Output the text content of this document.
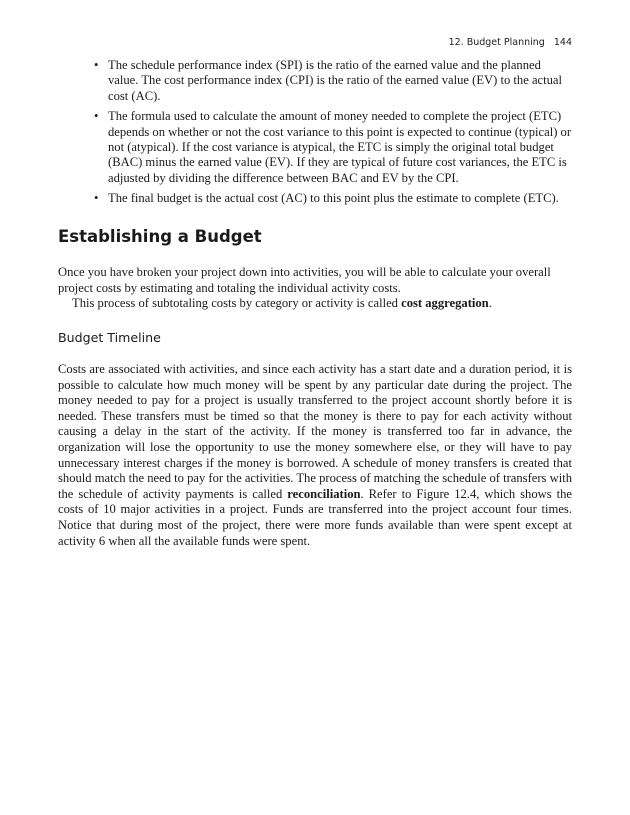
12. Budget Planning 144
• The schedule performance index (SPI) is the ratio of the earned value and the planned value. The cost performance index (CPI) is the ratio of the earned value (EV) to the actual cost (AC).
• The formula used to calculate the amount of money needed to complete the project (ETC) depends on whether or not the cost variance to this point is expected to continue (typical) or not (atypical). If the cost variance is atypical, the ETC is simply the original total budget (BAC) minus the earned value (EV). If they are typical of future cost variances, the ETC is adjusted by dividing the difference between BAC and EV by the CPI.
• The final budget is the actual cost (AC) to this point plus the estimate to complete (ETC).
Establishing a Budget

Once you have broken your project down into activities, you will be able to calculate your overall project costs by estimating and totaling the individual activity costs.

This process of subtotaling costs by category or activity is called cost aggregation.

Budget Timeline

Costs are associated with activities, and since each activity has a start date and a duration period, it is possible to calculate how much money will be spent by any particular date during the project. The money needed to pay for a project is usually transferred to the project account shortly before it is needed. These transfers must be timed so that the money is there to pay for each activity without causing a delay in the start of the activity. If the money is transferred too far in advance, the organization will lose the opportunity to use the money somewhere else, or they will have to pay unnecessary interest charges if the money is borrowed. A schedule of money transfers is created that should match the need to pay for the activities. The process of matching the schedule of transfers with the schedule of activity payments is called reconciliation. Refer to Figure 12.4, which shows the costs of 10 major activities in a project. Funds are transferred into the project account four times. Notice that during most of the project, there were more funds available than were spent except at activity 6 when all the available funds were spent.
